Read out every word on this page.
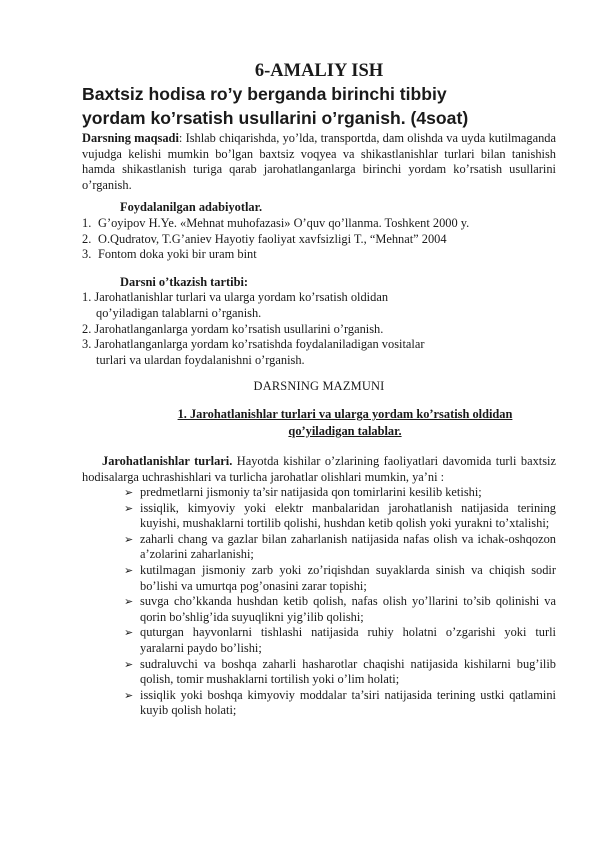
6-AMALIY ISH
Baxtsiz hodisa ro’y berganda birinchi tibbiy
yordam ko’rsatish usullarini o’rganish. (4soat)

Darsning maqsadi: Ishlab chiqarishda, yo’lda, transportda, dam olishda va uyda kutilmaganda vujudga kelishi mumkin bo’lgan baxtsiz voqyea va shikastlanishlar turlari bilan tanishish hamda shikastlanish turiga qarab jarohatlanganlarga birinchi yordam ko’rsatish usullarini o’rganish.

Foydalanilgan adabiyotlar.
1. G’oyipov H.Ye. «Mehnat muhofazasi» O’quv qo’llanma. Toshkent 2000 y.
2. O.Qudratov, T.G’aniev Hayotiy faoliyat xavfsizligi T., “Mehnat” 2004
3. Fontom doka yoki bir uram bint
Darsni o’tkazish tartibi:
1. Jarohatlanishlar turlari va ularga yordam ko’rsatish oldidan qo’yiladigan talablarni o’rganish.
2. Jarohatlanganlarga yordam ko’rsatish usullarini o’rganish.
3. Jarohatlanganlarga yordam ko’rsatishda foydalaniladigan vositalar turlari va ulardan foydalanishni o’rganish.
DARSNING MAZMUNI
1. Jarohatlanishlar turlari va ularga yordam ko’rsatish oldidan qo’yiladigan talablar.

Jarohatlanishlar turlari. Hayotda kishilar o’zlarining faoliyatlari davomida turli baxtsiz hodisalarga uchrashishlari va turlicha jarohatlar olishlari mumkin, ya’ni :

➢ predmetlarni jismoniy ta’sir natijasida qon tomirlarini kesilib ketishi;
➢ issiqlik, kimyoviy yoki elektr manbalaridan jarohatlanish natijasida terining kuyishi, mushaklarni tortilib qolishi, hushdan ketib qolish yoki yurakni to’xtalishi;
➢ zaharli chang va gazlar bilan zaharlanish natijasida nafas olish va ichak-oshqozon a’zolarini zaharlanishi;
➢ kutilmagan jismoniy zarb yoki zo’riqishdan suyaklarda sinish va chiqish sodir bo’lishi va umurtqa pog’onasini zarar topishi;
➢ suvga cho’kkanda hushdan ketib qolish, nafas olish yo’llarini to’sib qolinishi va qorin bo’shlig’ida suyuqlikni yig’ilib qolishi;
➢ quturgan hayvonlarni tishlashi natijasida ruhiy holatni o’zgarishi yoki turli yaralarni paydo bo’lishi;
➢ sudraluvchi va boshqa zaharli hasharotlar chaqishi natijasida kishilarni bug’ilib qolish, tomir mushaklarni tortilish yoki o’lim holati;
➢ issiqlik yoki boshqa kimyoviy moddalar ta’siri natijasida terining ustki qatlamini kuyib qolish holati;
